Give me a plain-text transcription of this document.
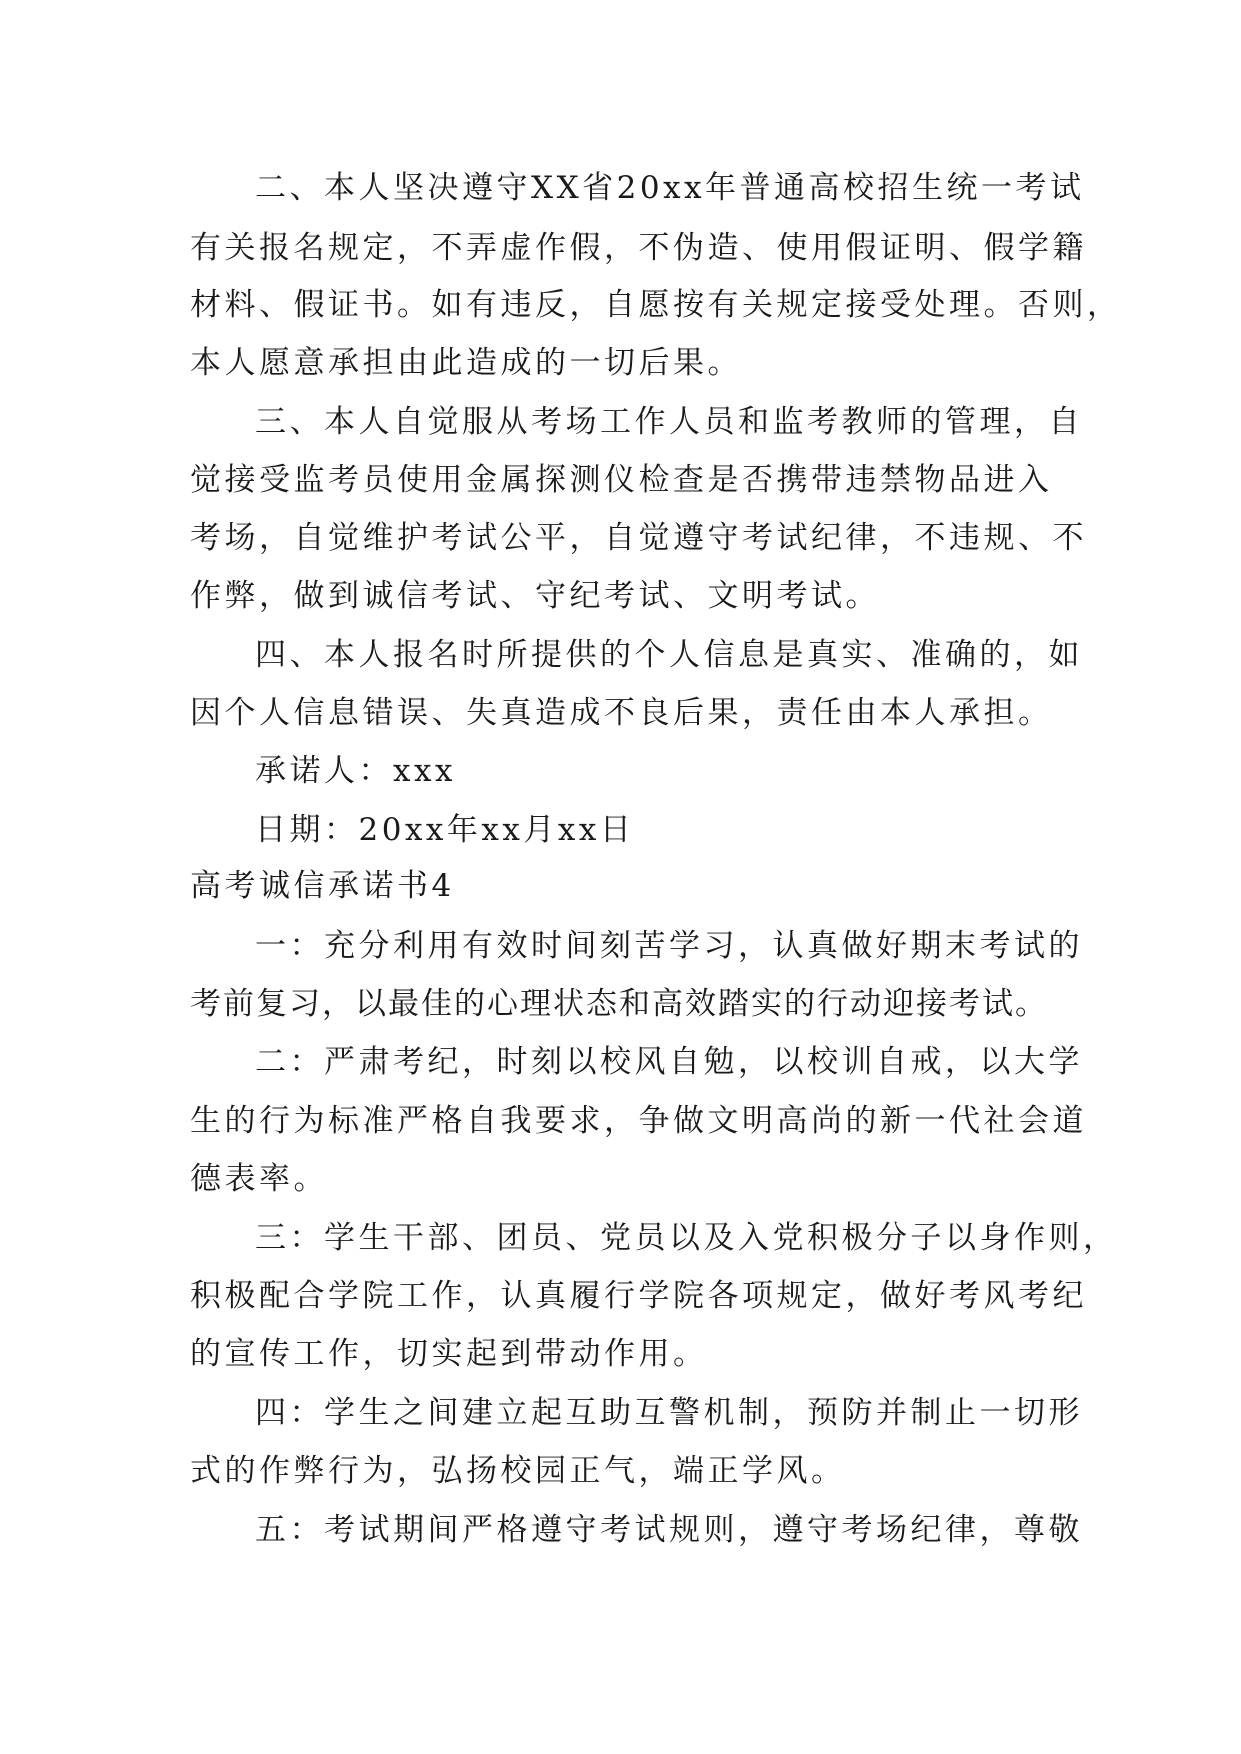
二、本人坚决遵守XX省20xx年普通高校招生统一考试
有关报名规定，不弄虚作假，不伪造、使用假证明、假学籍
材料、假证书。如有违反，自愿按有关规定接受处理。否则，
本人愿意承担由此造成的一切后果。
三、本人自觉服从考场工作人员和监考教师的管理，自
觉接受监考员使用金属探测仪检查是否携带违禁物品进入
考场，自觉维护考试公平，自觉遵守考试纪律，不违规、不
作弊，做到诚信考试、守纪考试、文明考试。
四、本人报名时所提供的个人信息是真实、准确的，如
因个人信息错误、失真造成不良后果，责任由本人承担。
承诺人：xxx
日期：20xx年xx月xx日
高考诚信承诺书4
一：充分利用有效时间刻苦学习，认真做好期末考试的
考前复习，以最佳的心理状态和高效踏实的行动迎接考试。
二：严肃考纪，时刻以校风自勉，以校训自戒，以大学
生的行为标准严格自我要求，争做文明高尚的新一代社会道
德表率。
三：学生干部、团员、党员以及入党积极分子以身作则，
积极配合学院工作，认真履行学院各项规定，做好考风考纪
的宣传工作，切实起到带动作用。
四：学生之间建立起互助互警机制，预防并制止一切形
式的作弊行为，弘扬校园正气，端正学风。
五：考试期间严格遵守考试规则，遵守考场纪律，尊敬
